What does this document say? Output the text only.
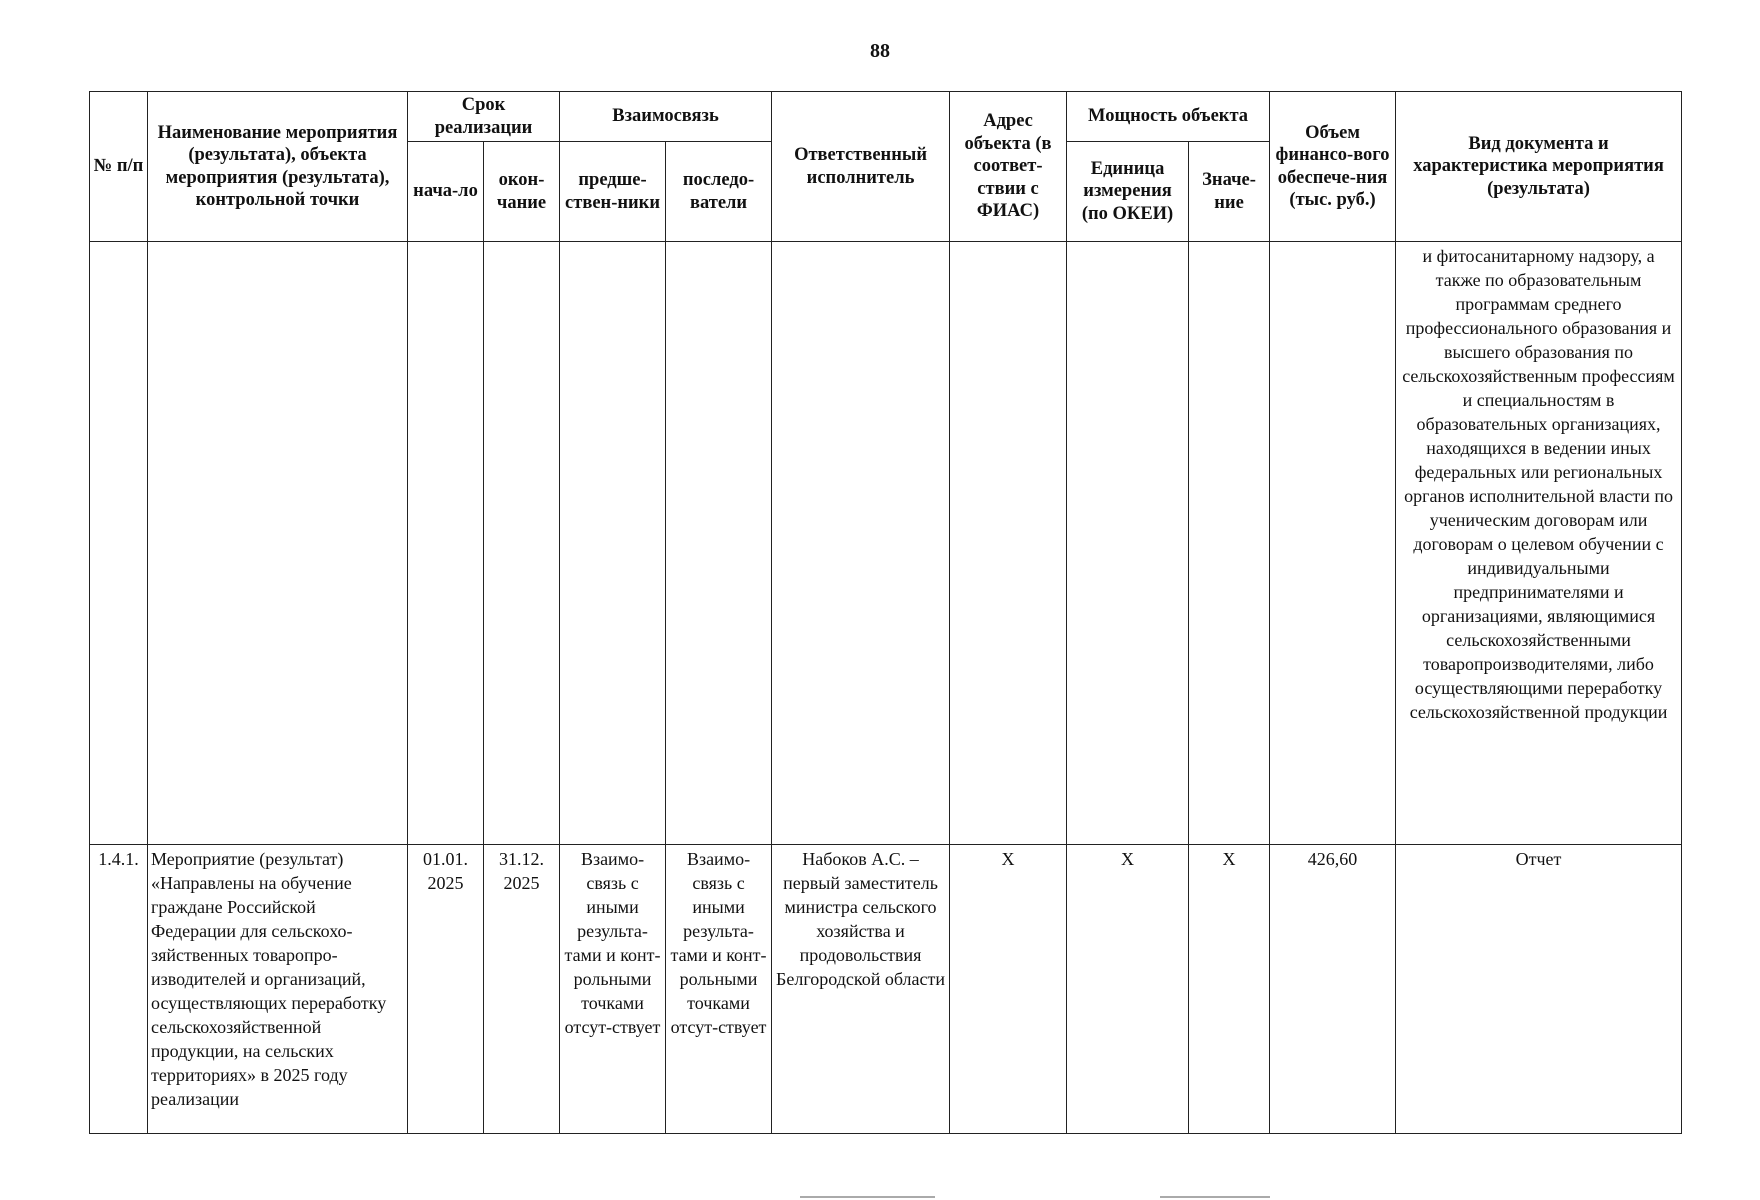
88
№ п/п	Наименование мероприятия (результата), объекта мероприятия (результата), контрольной точки	Срок реализации		Взаимосвязь		Ответственный исполнитель	Адрес объекта (в соответ-ствии с ФИАС)	Мощность объекта		Объем финансо-вого обеспече-ния (тыс. руб.)	Вид документа и характеристика мероприятия (результата)
		нача-ло	окон-чание	предше-ствен-ники	последо-ватели			Единица измерения (по ОКЕИ)	Значе-ние		
											и фитосанитарному надзору, а также по образовательным программам среднего профессионального образования и высшего образования по сельскохозяйственным профессиям и специальностям в образовательных организациях, находящихся в ведении иных федеральных или региональных органов исполнительной власти по ученическим договорам или договорам о целевом обучении с индивидуальными предпринимателями и организациями, являющимися сельскохозяйственными товаропроизводителями, либо осуществляющими переработку сельскохозяйственной продукции
1.4.1.	Мероприятие (результат) «Направлены на обучение граждане Российской Федерации для сельскохо-зяйственных товаропро-изводителей и организаций, осуществляющих переработку сельскохозяйственной продукции, на сельских территориях» в 2025 году реализации	01.01. 2025	31.12. 2025	Взаимо-связь с иными результа-тами и конт-рольными точками отсут-ствует	Взаимо-связь с иными результа-тами и конт-рольными точками отсут-ствует	Набоков А.С. – первый заместитель министра сельского хозяйства и продовольствия Белгородской области	Х	Х	Х	426,60	Отчет
